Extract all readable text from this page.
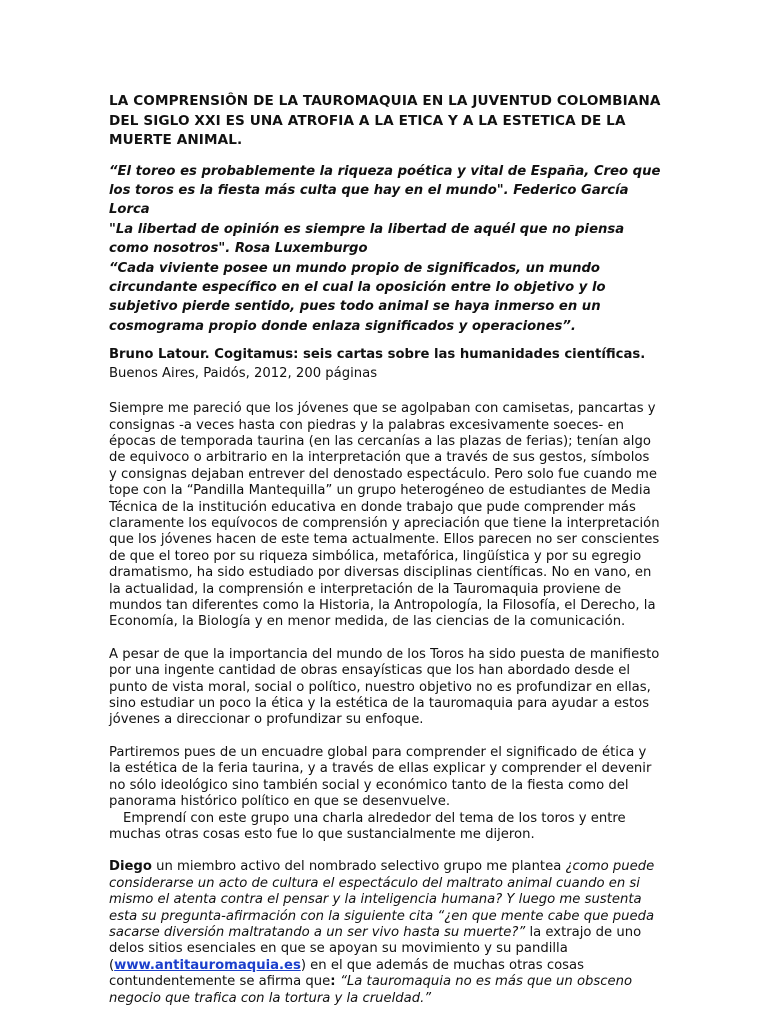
LA COMPRENSIÔN DE LA TAUROMAQUIA EN LA JUVENTUD COLOMBIANA DEL SIGLO XXI ES UNA ATROFIA A LA ETICA Y A LA ESTETICA DE LA MUERTE ANIMAL.
“El toreo es probablemente la riqueza poética y vital de España, Creo que los toros es la fiesta más culta que hay en el mundo". Federico García Lorca
"La libertad de opinión es siempre la libertad de aquél que no piensa como nosotros". Rosa Luxemburgo
“Cada viviente posee un mundo propio de significados, un mundo circundante específico en el cual la oposición entre lo objetivo y lo subjetivo pierde sentido, pues todo animal se haya inmerso en un cosmograma propio donde enlaza significados y operaciones”.
Bruno Latour. Cogitamus: seis cartas sobre las humanidades científicas. Buenos Aires, Paidós, 2012, 200 páginas

Siempre me pareció que los jóvenes que se agolpaban con camisetas, pancartas y consignas -a veces hasta con piedras y la palabras excesivamente soeces- en épocas de temporada taurina (en las cercanías a las plazas de ferias); tenían algo de equivoco o arbitrario en la interpretación que a través de sus gestos, símbolos y consignas dejaban entrever del denostado espectáculo. Pero solo fue cuando me tope con la “Pandilla Mantequilla” un grupo heterogéneo de estudiantes de Media Técnica de la institución educativa en donde trabajo que pude comprender más claramente los equívocos de comprensión y apreciación que tiene la interpretación que los jóvenes hacen de este tema actualmente. Ellos parecen no ser conscientes de que el toreo por su riqueza simbólica, metafórica, lingüística y por su egregio dramatismo, ha sido estudiado por diversas disciplinas científicas. No en vano, en la actualidad, la comprensión e interpretación de la Tauromaquia proviene de mundos tan diferentes como la Historia, la Antropología, la Filosofía, el Derecho, la Economía, la Biología y en menor medida, de las ciencias de la comunicación.

A pesar de que la importancia del mundo de los Toros ha sido puesta de manifiesto por una ingente cantidad de obras ensayísticas que los han abordado desde el punto de vista moral, social o político, nuestro objetivo no es profundizar en ellas, sino estudiar un poco la ética y la estética de la tauromaquia para ayudar a estos jóvenes a direccionar o profundizar su enfoque.

Partiremos pues de un encuadre global para comprender el significado de ética y la estética de la feria taurina, y a través de ellas explicar y comprender el devenir no sólo ideológico sino también social y económico tanto de la fiesta como del panorama histórico político en que se desenvuelve.

Emprendí con este grupo una charla alrededor del tema de los toros y entre muchas otras cosas esto fue lo que sustancialmente me dijeron.

Diego un miembro activo del nombrado selectivo grupo me plantea ¿como puede considerarse un acto de cultura el espectáculo del maltrato animal cuando en si mismo el atenta contra el pensar y la inteligencia humana? Y luego me sustenta esta su pregunta-afirmación con la siguiente cita “¿en que mente cabe que pueda sacarse diversión maltratando a un ser vivo hasta su muerte?” la extrajo de uno delos sitios esenciales en que se apoyan su movimiento y su pandilla (www.antitauromaquia.es) en el que además de muchas otras cosas contundentemente se afirma que: “La tauromaquia no es más que un obsceno negocio que trafica con la tortura y la crueldad.”
